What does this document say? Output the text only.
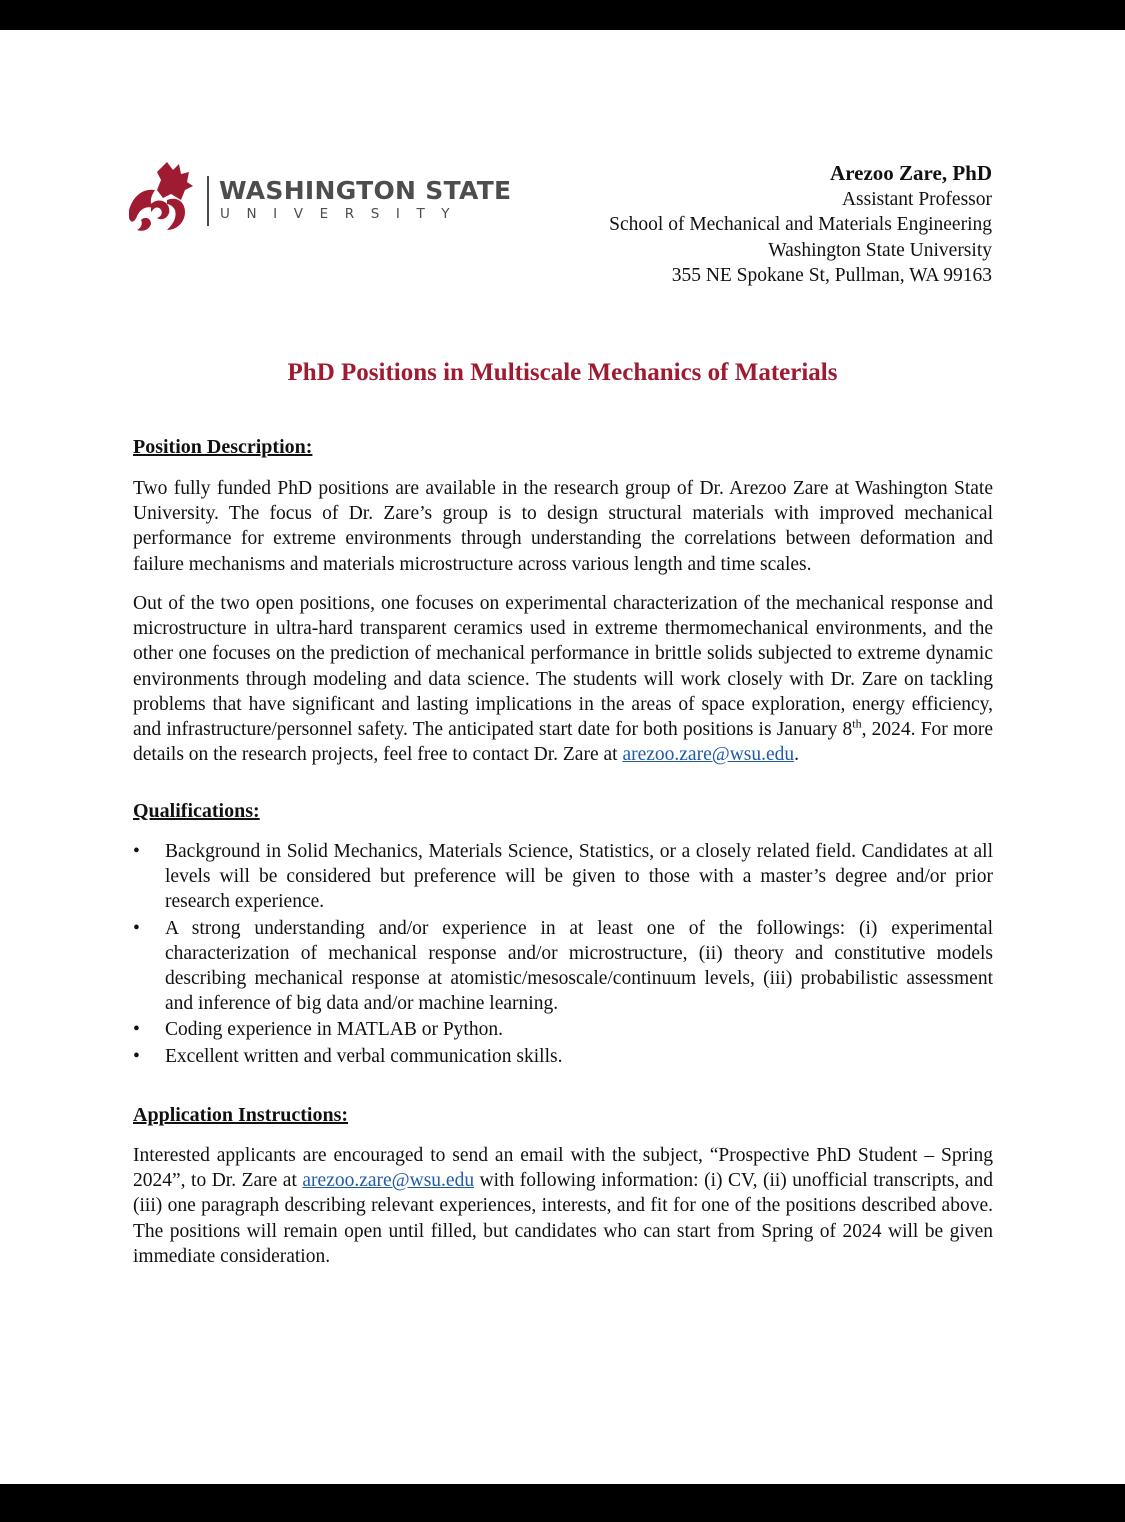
WASHINGTON STATE
UNIVERSITY
Arezoo Zare, PhD
Assistant Professor
School of Mechanical and Materials Engineering
Washington State University
355 NE Spokane St, Pullman, WA 99163
PhD Positions in Multiscale Mechanics of Materials
Position Description:
Two fully funded PhD positions are available in the research group of Dr. Arezoo Zare at Washington State University. The focus of Dr. Zare’s group is to design structural materials with improved mechanical performance for extreme environments through understanding the correlations between deformation and failure mechanisms and materials microstructure across various length and time scales.
Out of the two open positions, one focuses on experimental characterization of the mechanical response and microstructure in ultra-hard transparent ceramics used in extreme thermomechanical environments, and the other one focuses on the prediction of mechanical performance in brittle solids subjected to extreme dynamic environments through modeling and data science. The students will work closely with Dr. Zare on tackling problems that have significant and lasting implications in the areas of space exploration, energy efficiency, and infrastructure/personnel safety. The anticipated start date for both positions is January 8th, 2024. For more details on the research projects, feel free to contact Dr. Zare at arezoo.zare@wsu.edu.
Qualifications:
• Background in Solid Mechanics, Materials Science, Statistics, or a closely related field. Candidates at all levels will be considered but preference will be given to those with a master’s degree and/or prior research experience.
• A strong understanding and/or experience in at least one of the followings: (i) experimental characterization of mechanical response and/or microstructure, (ii) theory and constitutive models describing mechanical response at atomistic/mesoscale/continuum levels, (iii) probabilistic assessment and inference of big data and/or machine learning.
• Coding experience in MATLAB or Python.
• Excellent written and verbal communication skills.
Application Instructions:
Interested applicants are encouraged to send an email with the subject, “Prospective PhD Student – Spring 2024”, to Dr. Zare at arezoo.zare@wsu.edu with following information: (i) CV, (ii) unofficial transcripts, and (iii) one paragraph describing relevant experiences, interests, and fit for one of the positions described above. The positions will remain open until filled, but candidates who can start from Spring of 2024 will be given immediate consideration.
